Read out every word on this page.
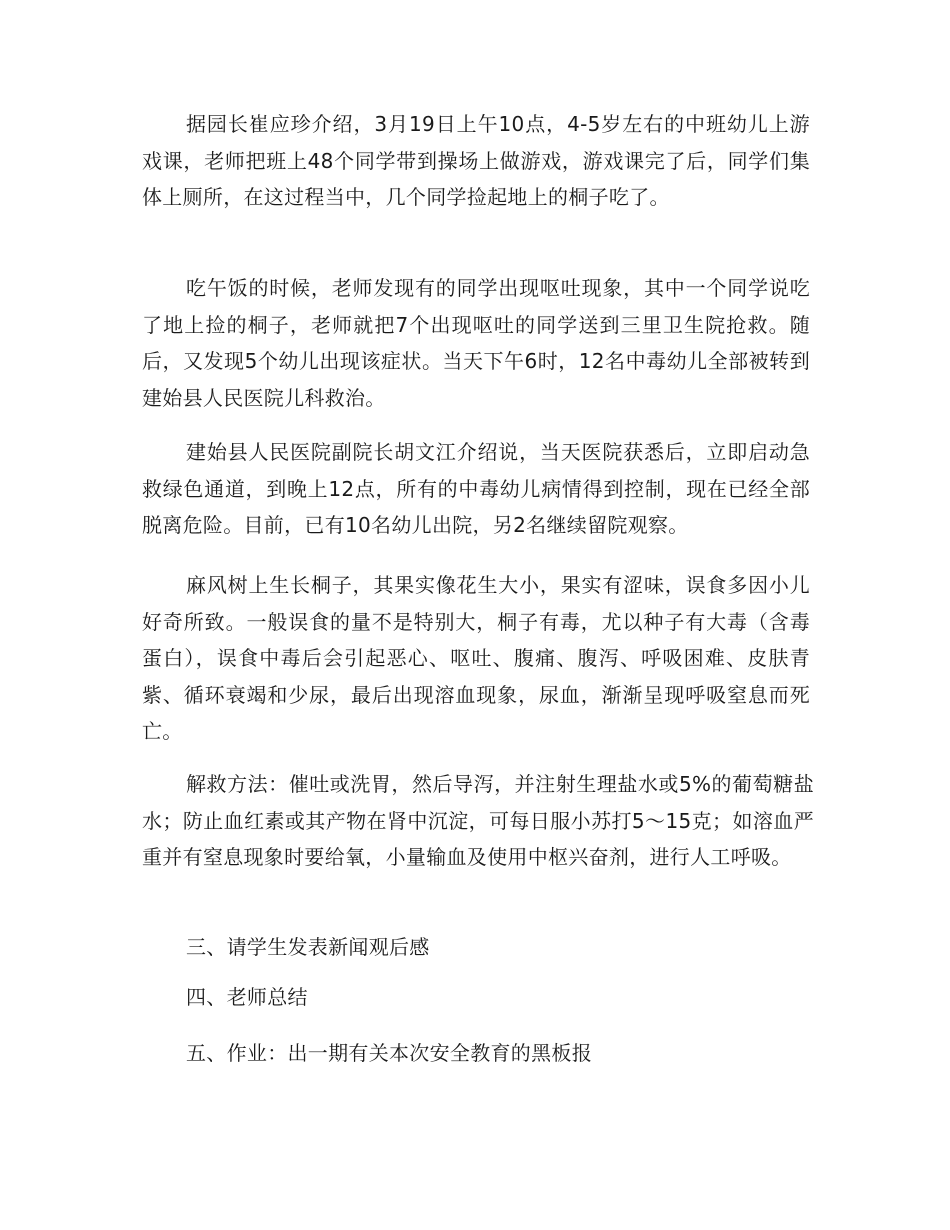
据园长崔应珍介绍，3月19日上午10点，4-5岁左右的中班幼儿上游戏课，老师把班上48个同学带到操场上做游戏，游戏课完了后，同学们集体上厕所，在这过程当中，几个同学捡起地上的桐子吃了。

吃午饭的时候，老师发现有的同学出现呕吐现象，其中一个同学说吃了地上捡的桐子，老师就把7个出现呕吐的同学送到三里卫生院抢救。随后，又发现5个幼儿出现该症状。当天下午6时，12名中毒幼儿全部被转到建始县人民医院儿科救治。

建始县人民医院副院长胡文江介绍说，当天医院获悉后，立即启动急救绿色通道，到晚上12点，所有的中毒幼儿病情得到控制，现在已经全部脱离危险。目前，已有10名幼儿出院，另2名继续留院观察。

麻风树上生长桐子，其果实像花生大小，果实有涩味，误食多因小儿好奇所致。一般误食的量不是特别大，桐子有毒，尤以种子有大毒（含毒蛋白），误食中毒后会引起恶心、呕吐、腹痛、腹泻、呼吸困难、皮肤青紫、循环衰竭和少尿，最后出现溶血现象，尿血，渐渐呈现呼吸窒息而死亡。

解救方法：催吐或洗胃，然后导泻，并注射生理盐水或5%的葡萄糖盐水；防止血红素或其产物在肾中沉淀，可每日服小苏打5～15克；如溶血严重并有窒息现象时要给氧，小量输血及使用中枢兴奋剂，进行人工呼吸。

三、请学生发表新闻观后感

四、老师总结

五、作业：出一期有关本次安全教育的黑板报
